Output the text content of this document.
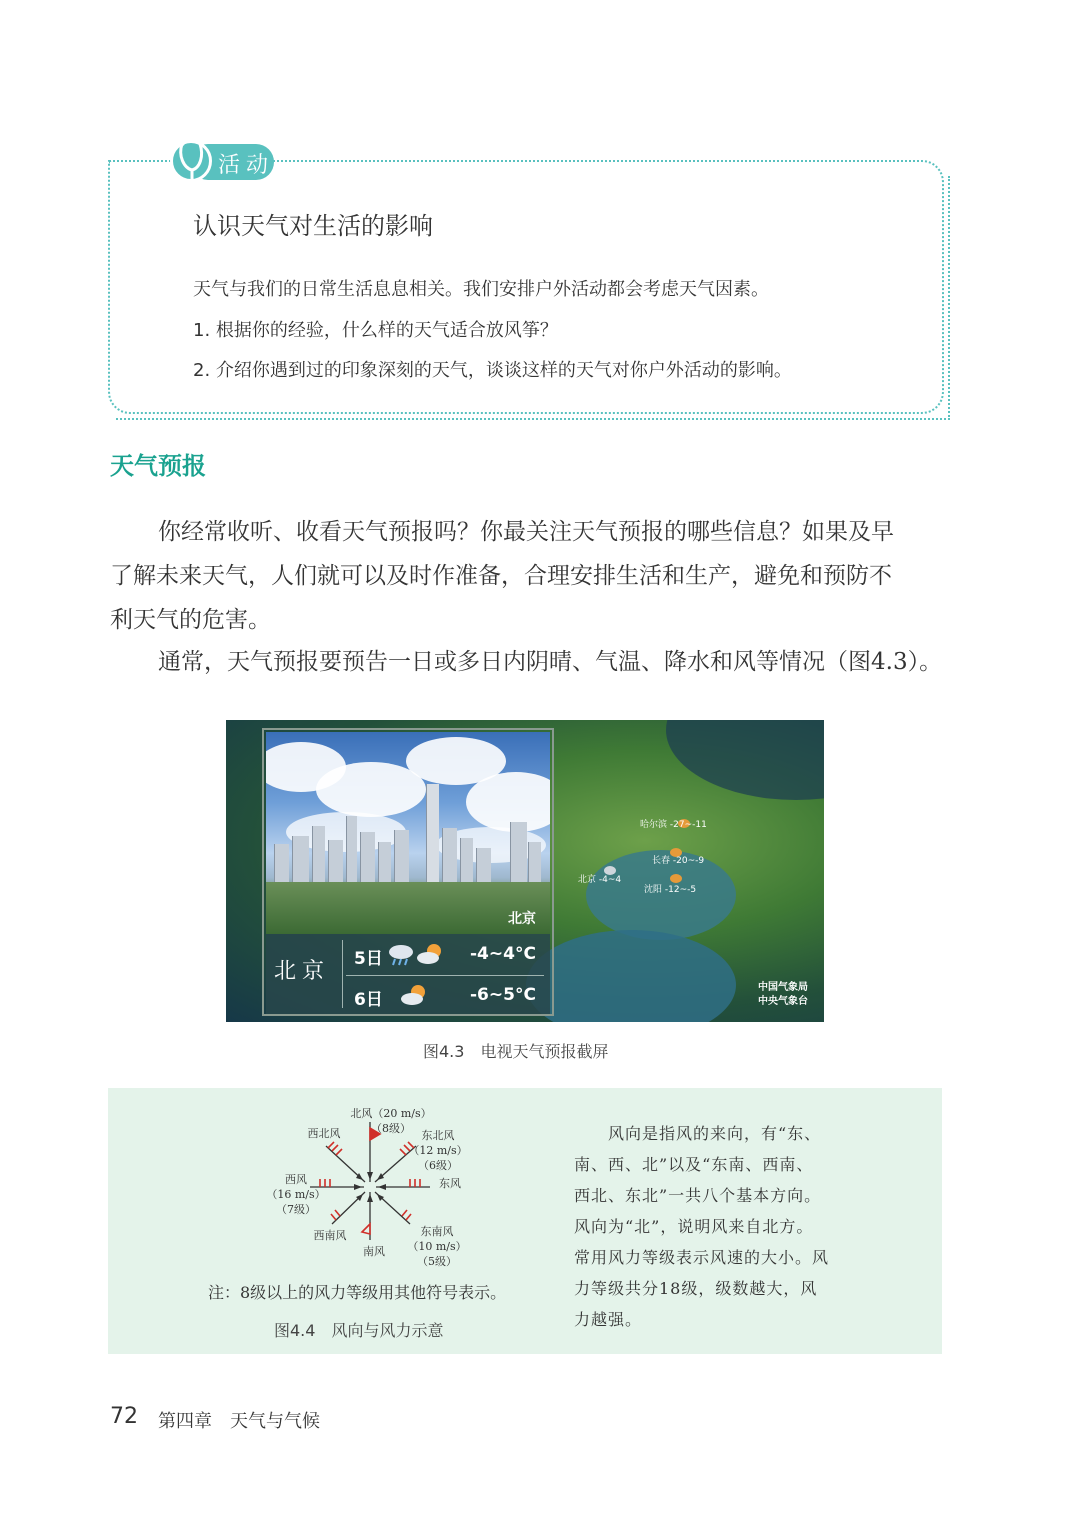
活动
认识天气对生活的影响
天气与我们的日常生活息息相关。我们安排户外活动都会考虑天气因素。
1. 根据你的经验，什么样的天气适合放风筝？
2. 介绍你遇到过的印象深刻的天气，谈谈这样的天气对你户外活动的影响。
天气预报
你经常收听、收看天气预报吗？你最关注天气预报的哪些信息？如果及早
了解未来天气，人们就可以及时作准备，合理安排生活和生产，避免和预防不
利天气的危害。
通常，天气预报要预告一日或多日内阴晴、气温、降水和风等情况（图4.3）。
哈尔滨 -27~-11
长春 -20~-9
北京 -4~4
沈阳 -12~-5
中国气象局
中央气象台
北京
北京 5日	-4~4°C
6日	-6~5°C
图4.3　电视天气预报截屏
北风（20 m/s）
（8级）
东北风
（12 m/s）
（6级）
东风
东南风
（10 m/s）
（5级）
南风
西南风
西风
（16 m/s）
（7级）
西北风
注：8级以上的风力等级用其他符号表示。
图4.4　风向与风力示意
风向是指风的来向，有“东、
南、西、北”以及“东南、西南、
西北、东北”一共八个基本方向。
风向为“北”，说明风来自北方。
常用风力等级表示风速的大小。风
力等级共分18级，级数越大，风
力越强。
72 第四章　天气与气候
